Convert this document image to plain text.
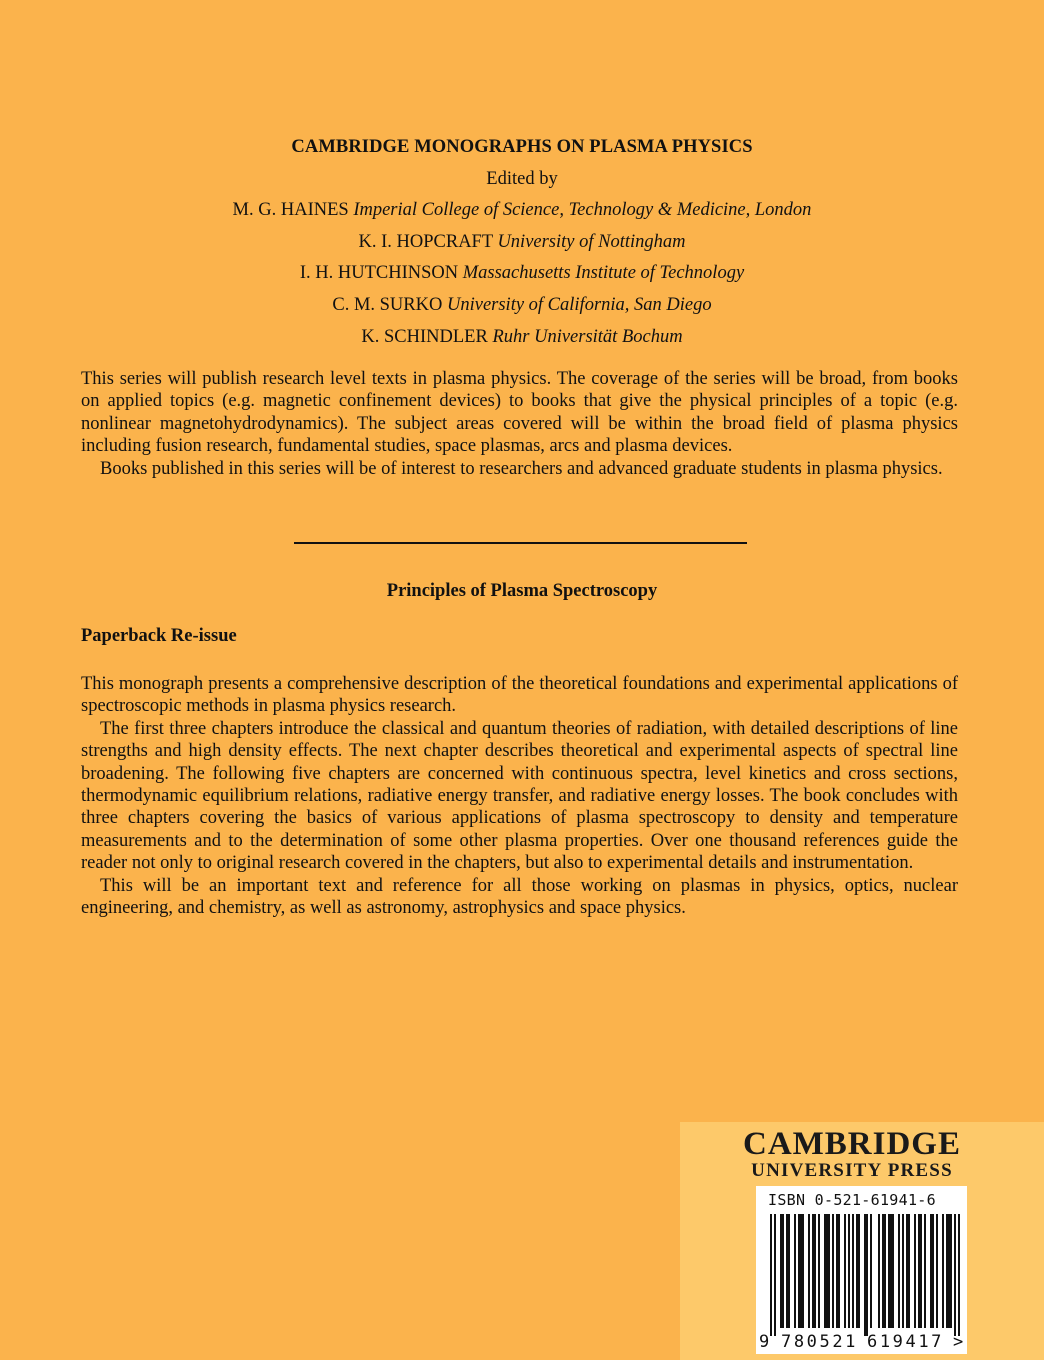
CAMBRIDGE MONOGRAPHS ON PLASMA PHYSICS
Edited by
M. G. HAINES Imperial College of Science, Technology & Medicine, London
K. I. HOPCRAFT University of Nottingham
I. H. HUTCHINSON Massachusetts Institute of Technology
C. M. SURKO University of California, San Diego
K. SCHINDLER Ruhr Universität Bochum

This series will publish research level texts in plasma physics. The coverage of the series will be broad, from books on applied topics (e.g. magnetic confinement devices) to books that give the physical principles of a topic (e.g. nonlinear magnetohydrodynamics). The subject areas covered will be within the broad field of plasma physics including fusion research, fundamental studies, space plasmas, arcs and plasma devices.

Books published in this series will be of interest to researchers and advanced graduate students in plasma physics.

Principles of Plasma Spectroscopy
Paperback Re-issue

This monograph presents a comprehensive description of the theoretical foundations and experimental applications of spectroscopic methods in plasma physics research.

The first three chapters introduce the classical and quantum theories of radiation, with detailed descriptions of line strengths and high density effects. The next chapter describes theoretical and experimental aspects of spectral line broadening. The following five chapters are concerned with continuous spectra, level kinetics and cross sections, thermodynamic equilibrium relations, radiative energy transfer, and radiative energy losses. The book concludes with three chapters covering the basics of various applications of plasma spectroscopy to density and temperature measurements and to the determination of some other plasma properties. Over one thousand references guide the reader not only to original research covered in the chapters, but also to experimental details and instrumentation.

This will be an important text and reference for all those working on plasmas in physics, optics, nuclear engineering, and chemistry, as well as astronomy, astrophysics and space physics.

CAMBRIDGE
UNIVERSITY PRESS
ISBN 0-521-61941-6
9 780521 619417 >
